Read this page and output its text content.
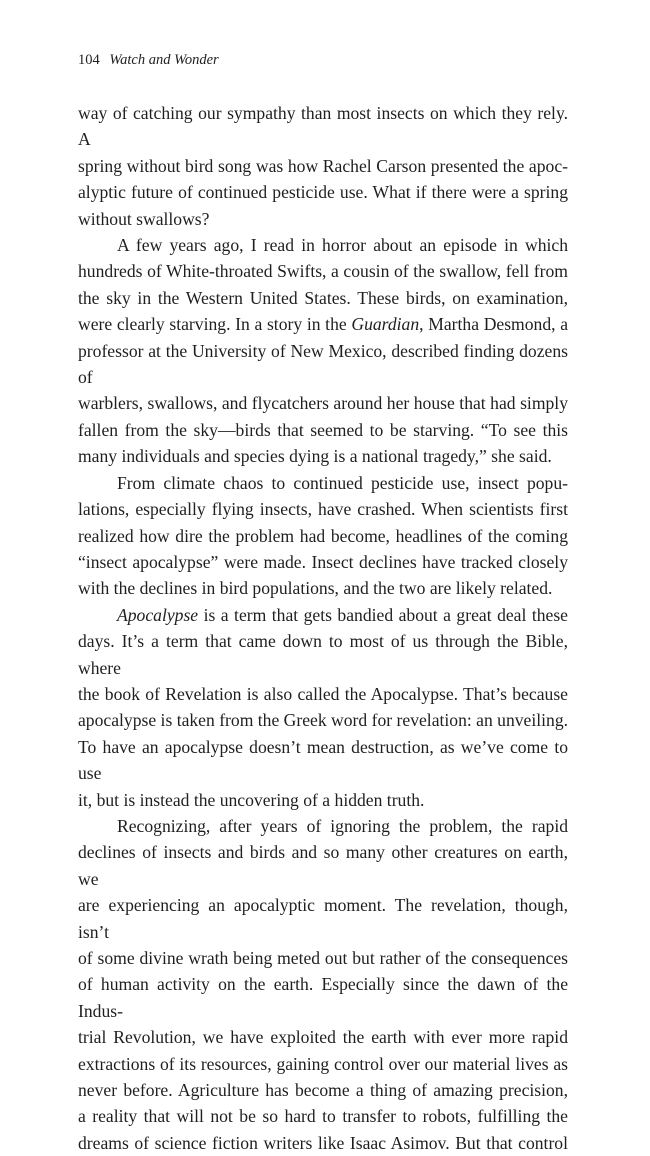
104 Watch and Wonder

way of catching our sympathy than most insects on which they rely. A

spring without bird song was how Rachel Carson presented the apoc-

alyptic future of continued pesticide use. What if there were a spring

without swallows?

A few years ago, I read in horror about an episode in which

hundreds of White-throated Swifts, a cousin of the swallow, fell from

the sky in the Western United States. These birds, on examination,

were clearly starving. In a story in the Guardian, Martha Desmond, a

professor at the University of New Mexico, described finding dozens of

warblers, swallows, and flycatchers around her house that had simply

fallen from the sky—birds that seemed to be starving. “To see this

many individuals and species dying is a national tragedy,” she said.

From climate chaos to continued pesticide use, insect popu-

lations, especially flying insects, have crashed. When scientists first

realized how dire the problem had become, headlines of the coming

“insect apocalypse” were made. Insect declines have tracked closely

with the declines in bird populations, and the two are likely related.

Apocalypse is a term that gets bandied about a great deal these

days. It’s a term that came down to most of us through the Bible, where

the book of Revelation is also called the Apocalypse. That’s because

apocalypse is taken from the Greek word for revelation: an unveiling.

To have an apocalypse doesn’t mean destruction, as we’ve come to use

it, but is instead the uncovering of a hidden truth.

Recognizing, after years of ignoring the problem, the rapid

declines of insects and birds and so many other creatures on earth, we

are experiencing an apocalyptic moment. The revelation, though, isn’t

of some divine wrath being meted out but rather of the consequences

of human activity on the earth. Especially since the dawn of the Indus-

trial Revolution, we have exploited the earth with ever more rapid

extractions of its resources, gaining control over our material lives as

never before. Agriculture has become a thing of amazing precision,

a reality that will not be so hard to transfer to robots, fulfilling the

dreams of science fiction writers like Isaac Asimov. But that control
